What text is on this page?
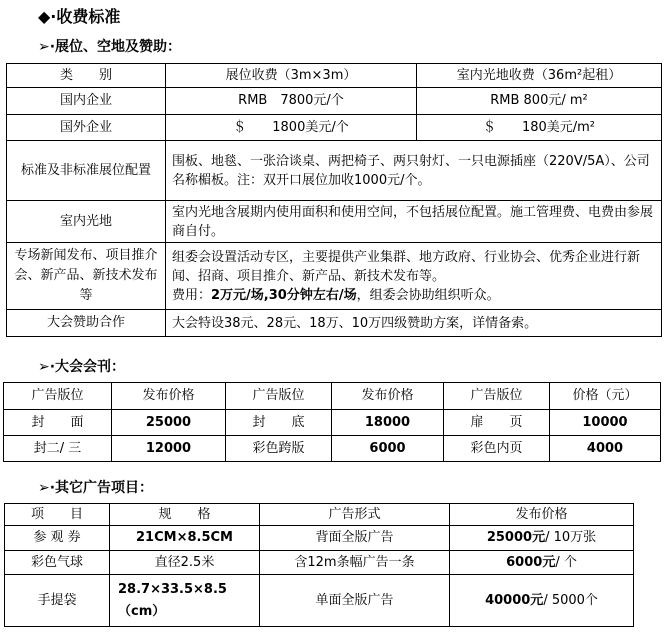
◆·收费标准
➢·展位、空地及赞助：
类　　别	展位收费（3m×3m）	室内光地收费（36m²起租）
国内企业	RMB　7800元/个	RMB 800元/ m²
国外企业	＄　　1800美元/个	＄　　180美元/m²
标准及非标准展位配置	围板、地毯、一张洽谈桌、两把椅子、两只射灯、一只电源插座（220V/5A）、公司名称楣板。注：双开口展位加收1000元/个。	
室内光地	室内光地含展期内使用面积和使用空间，不包括展位配置。施工管理费、电费由参展商自付。	
专场新闻发布、项目推介会、新产品、新技术发布等	组委会设置活动专区，主要提供产业集群、地方政府、行业协会、优秀企业进行新闻、招商、项目推介、新产品、新技术发布等。
费用：2万元/场,30分钟左右/场，组委会协助组织听众。	
大会赞助合作	大会特设38元、28元、18万、10万四级赞助方案，详情备索。	
➢·大会会刊：
广告版位	发布价格	广告版位	发布价格	广告版位	价格（元）
封　　面	25000	封　　底	18000	扉　　页	10000
封二/ 三	12000	彩色跨版	6000	彩色内页	4000
➢·其它广告项目：
项　　目	规　　格	广告形式	发布价格
参 观 券	21CM×8.5CM	背面全版广告	25000元/ 10万张
彩色气球	直径2.5米	含12m条幅广告一条	6000元/ 个
手提袋	28.7×33.5×8.5（cm）	单面全版广告	40000元/ 5000个
